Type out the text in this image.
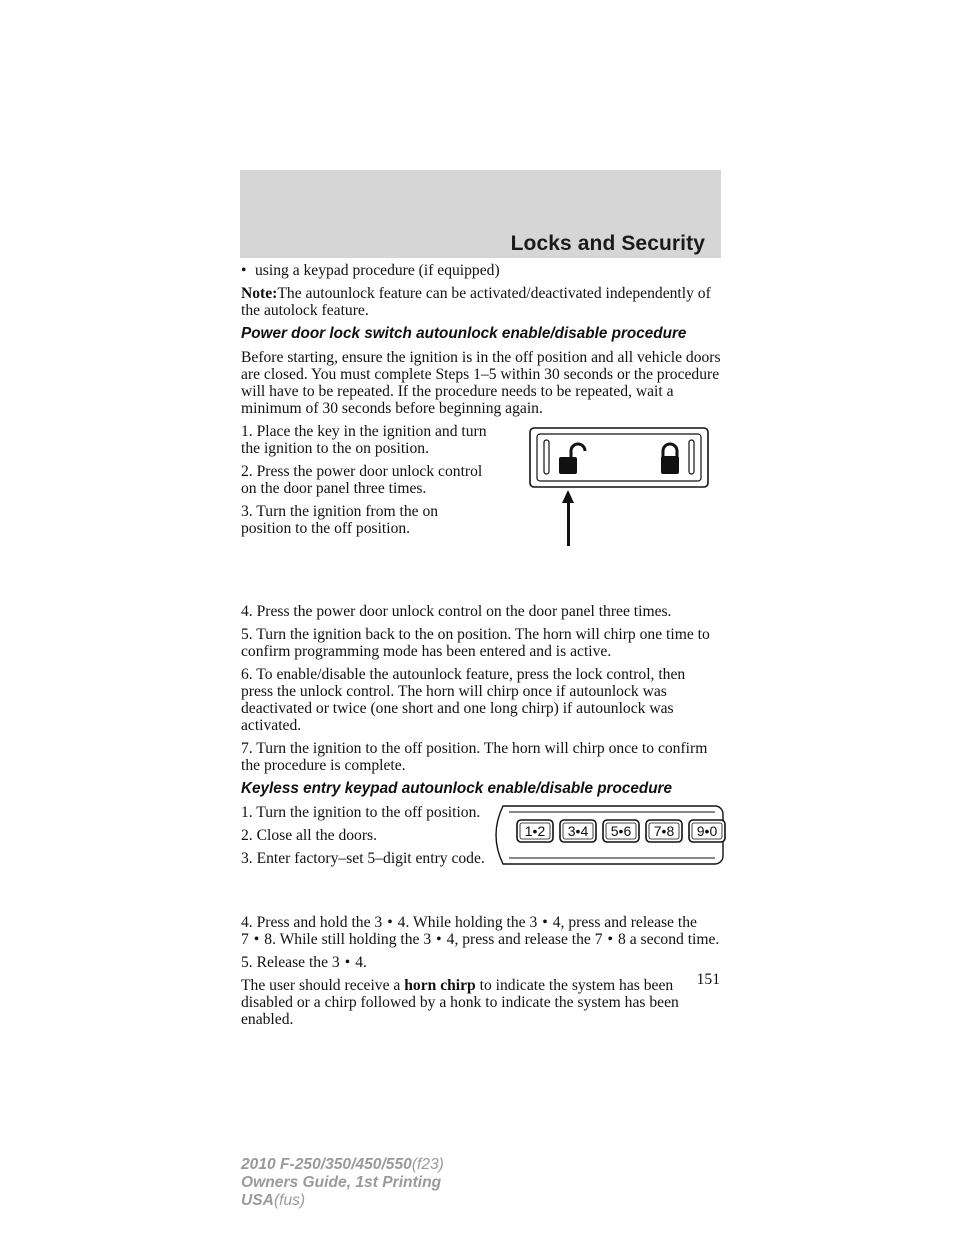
Locks and Security

• using a keypad procedure (if equipped)

Note:The autounlock feature can be activated/deactivated independently of the autolock feature.

Power door lock switch autounlock enable/disable procedure

Before starting, ensure the ignition is in the off position and all vehicle doors are closed. You must complete Steps 1–5 within 30 seconds or the procedure will have to be repeated. If the procedure needs to be repeated, wait a minimum of 30 seconds before beginning again.

1. Place the key in the ignition and turn the ignition to the on position.

2. Press the power door unlock control on the door panel three times.

3. Turn the ignition from the on position to the off position.

4. Press the power door unlock control on the door panel three times.

5. Turn the ignition back to the on position. The horn will chirp one time to confirm programming mode has been entered and is active.

6. To enable/disable the autounlock feature, press the lock control, then press the unlock control. The horn will chirp once if autounlock was deactivated or twice (one short and one long chirp) if autounlock was activated.

7. Turn the ignition to the off position. The horn will chirp once to confirm the procedure is complete.

Keyless entry keypad autounlock enable/disable procedure

1•2 3•4 5•6 7•8 9•0

1. Turn the ignition to the off position.

2. Close all the doors.

3. Enter factory–set 5–digit entry code.

4. Press and hold the 3 • 4. While holding the 3 • 4, press and release the 7 • 8. While still holding the 3 • 4, press and release the 7 • 8 a second time.

5. Release the 3 • 4.

The user should receive a horn chirp to indicate the system has been disabled or a chirp followed by a honk to indicate the system has been enabled.

151
2010 F-250/350/450/550(f23)
Owners Guide, 1st Printing
USA(fus)
